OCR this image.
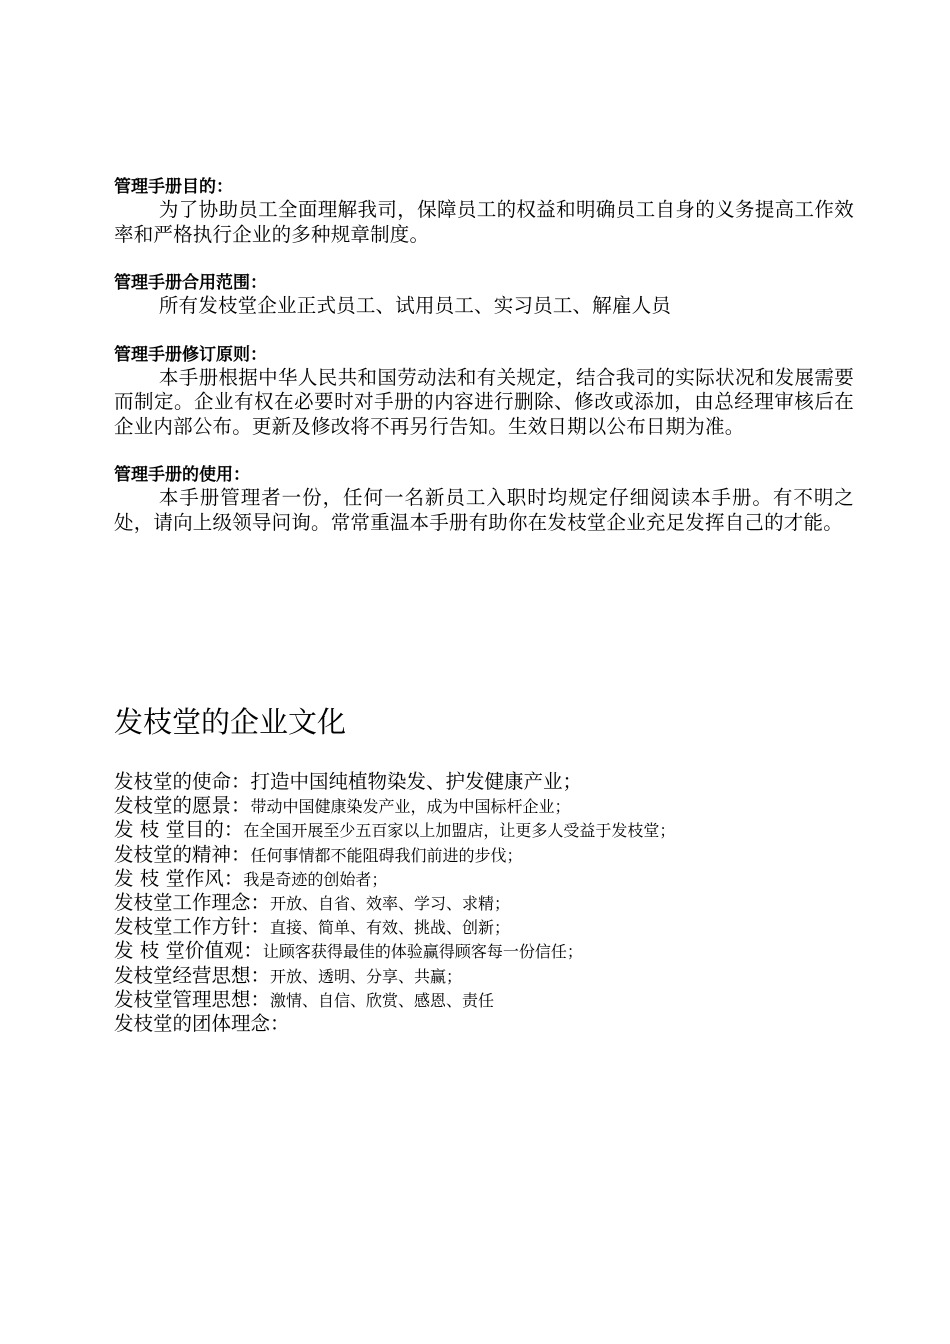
管理手册目的：
为了协助员工全面理解我司，保障员工的权益和明确员工自身的义务提高工作效率和严格执行企业的多种规章制度。
管理手册合用范围：
所有发枝堂企业正式员工、试用员工、实习员工、解雇人员
管理手册修订原则：
本手册根据中华人民共和国劳动法和有关规定，结合我司的实际状况和发展需要而制定。企业有权在必要时对手册的内容进行删除、修改或添加，由总经理审核后在企业内部公布。更新及修改将不再另行告知。生效日期以公布日期为准。
管理手册的使用：
本手册管理者一份，任何一名新员工入职时均规定仔细阅读本手册。有不明之处，请向上级领导问询。常常重温本手册有助你在发枝堂企业充足发挥自己的才能。
发枝堂的企业文化
发枝堂的使命：打造中国纯植物染发、护发健康产业；
发枝堂的愿景：带动中国健康染发产业，成为中国标杆企业；
发 枝 堂目的：在全国开展至少五百家以上加盟店，让更多人受益于发枝堂；
发枝堂的精神：任何事情都不能阻碍我们前进的步伐；
发 枝 堂作风：我是奇迹的创始者；
发枝堂工作理念：开放、自省、效率、学习、求精；
发枝堂工作方针：直接、简单、有效、挑战、创新；
发 枝 堂价值观：让顾客获得最佳的体验赢得顾客每一份信任；
发枝堂经营思想：开放、透明、分享、共赢；
发枝堂管理思想：激情、自信、欣赏、感恩、责任
发枝堂的团体理念：
